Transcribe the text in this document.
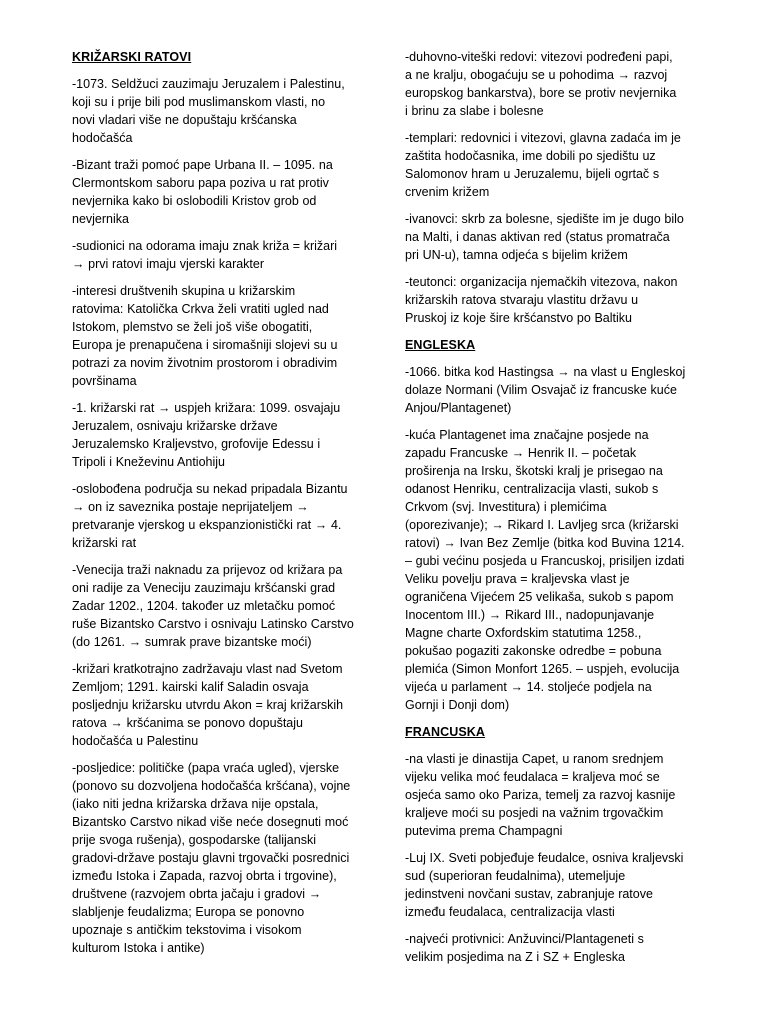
KRIŽARSKI RATOVI
-1073. Seldžuci zauzimaju Jeruzalem i Palestinu,
koji su i prije bili pod muslimanskom vlasti, no
novi vladari više ne dopuštaju kršćanska
hodočašća
-Bizant traži pomoć pape Urbana II. – 1095. na
Clermontskom saboru papa poziva u rat protiv
nevjernika kako bi oslobodili Kristov grob od
nevjernika
-sudionici na odorama imaju znak križa = križari
→ prvi ratovi imaju vjerski karakter
-interesi društvenih skupina u križarskim
ratovima: Katolička Crkva želi vratiti ugled nad
Istokom, plemstvo se želi još više obogatiti,
Europa je prenapučena i siromašniji slojevi su u
potrazi za novim životnim prostorom i obradivim
površinama
-1. križarski rat → uspjeh križara: 1099. osvajaju
Jeruzalem, osnivaju križarske države
Jeruzalemsko Kraljevstvo, grofovije Edessu i
Tripoli i Kneževinu Antiohiju
-oslobođena područja su nekad pripadala Bizantu
→ on iz saveznika postaje neprijateljem →
pretvaranje vjerskog u ekspanzionistički rat → 4.
križarski rat
-Venecija traži naknadu za prijevoz od križara pa
oni radije za Veneciju zauzimaju kršćanski grad
Zadar 1202., 1204. također uz mletačku pomoć
ruše Bizantsko Carstvo i osnivaju Latinsko Carstvo
(do 1261. → sumrak prave bizantske moći)
-križari kratkotrajno zadržavaju vlast nad Svetom
Zemljom; 1291. kairski kalif Saladin osvaja
posljednju križarsku utvrdu Akon = kraj križarskih
ratova → kršćanima se ponovo dopuštaju
hodočašća u Palestinu
-posljedice: političke (papa vraća ugled), vjerske
(ponovo su dozvoljena hodočašća kršćana), vojne
(iako niti jedna križarska država nije opstala,
Bizantsko Carstvo nikad više neće dosegnuti moć
prije svoga rušenja), gospodarske (talijanski
gradovi-države postaju glavni trgovački posrednici
između Istoka i Zapada, razvoj obrta i trgovine),
društvene (razvojem obrta jačaju i gradovi →
slabljenje feudalizma; Europa se ponovno
upoznaje s antičkim tekstovima i visokom
kulturom Istoka i antike)
-duhovno-viteški redovi: vitezovi podređeni papi,
a ne kralju, obogaćuju se u pohodima → razvoj
europskog bankarstva), bore se protiv nevjernika
i brinu za slabe i bolesne
-templari: redovnici i vitezovi, glavna zadaća im je
zaštita hodočasnika, ime dobili po sjedištu uz
Salomonov hram u Jeruzalemu, bijeli ogrtač s
crvenim križem
-ivanovci: skrb za bolesne, sjedište im je dugo bilo
na Malti, i danas aktivan red (status promatrača
pri UN-u), tamna odjeća s bijelim križem
-teutonci: organizacija njemačkih vitezova, nakon
križarskih ratova stvaraju vlastitu državu u
Pruskoj iz koje šire kršćanstvo po Baltiku
ENGLESKA
-1066. bitka kod Hastingsa → na vlast u Engleskoj
dolaze Normani (Vilim Osvajač iz francuske kuće
Anjou/Plantagenet)
-kuća Plantagenet ima značajne posjede na
zapadu Francuske → Henrik II. – početak
proširenja na Irsku, škotski kralj je prisegao na
odanost Henriku, centralizacija vlasti, sukob s
Crkvom (svj. Investitura) i plemićima
(oporezivanje); → Rikard I. Lavljeg srca (križarski
ratovi) → Ivan Bez Zemlje (bitka kod Buvina 1214.
– gubi većinu posjeda u Francuskoj, prisiljen izdati
Veliku povelju prava = kraljevska vlast je
ograničena Vijećem 25 velikaša, sukob s papom
Inocentom III.) → Rikard III., nadopunjavanje
Magne charte Oxfordskim statutima 1258.,
pokušao pogaziti zakonske odredbe = pobuna
plemića (Simon Monfort 1265. – uspjeh, evolucija
vijeća u parlament → 14. stoljeće podjela na
Gornji i Donji dom)
FRANCUSKA
-na vlasti je dinastija Capet, u ranom srednjem
vijeku velika moć feudalaca = kraljeva moć se
osjeća samo oko Pariza, temelj za razvoj kasnije
kraljeve moći su posjedi na važnim trgovačkim
putevima prema Champagni
-Luj IX. Sveti pobjeđuje feudalce, osniva kraljevski
sud (superioran feudalnima), utemeljuje
jedinstveni novčani sustav, zabranjuje ratove
između feudalaca, centralizacija vlasti
-najveći protivnici: Anžuvinci/Plantageneti s
velikim posjedima na Z i SZ + Engleska
